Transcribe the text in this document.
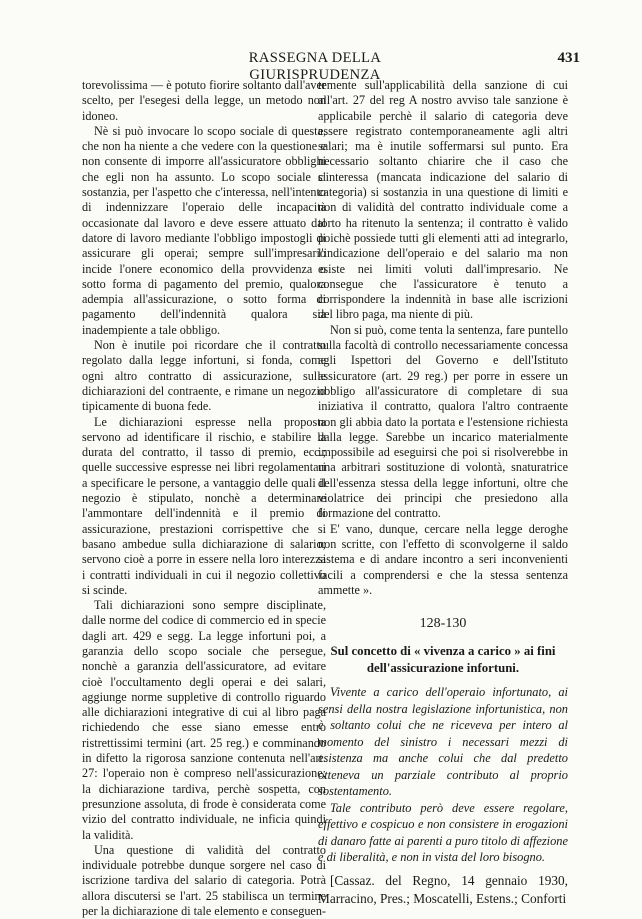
RASSEGNA DELLA GIURISPRUDENZA
431

torevolissima — è potuto fiorire soltanto dall'aver scelto, per l'esegesi della legge, un metodo non idoneo.

Nè si può invocare lo scopo sociale di questa, che non ha niente a che vedere con la questione e non consente di imporre all'assicuratore obblighi che egli non ha assunto. Lo scopo sociale si sostanzia, per l'aspetto che c'interessa, nell'intento di indennizzare l'operaio delle incapacità occasionate dal lavoro e deve essere attuato dal datore di lavoro mediante l'obbligo impostogli di assicurare gli operai; sempre sull'impresario incide l'onere economico della provvidenza o sotto forma di pagamento del premio, qualora adempia all'assicurazione, o sotto forma di pagamento dell'indennità qualora sia inadempiente a tale obbligo.

Non è inutile poi ricordare che il contratto regolato dalla legge infortuni, si fonda, come ogni altro contratto di assicurazione, sulle dichiarazioni del contraente, e rimane un negozio tipicamente di buona fede.

Le dichiarazioni espresse nella proposta servono ad identificare il rischio, e stabilire la durata del contratto, il tasso di premio, ecc.; quelle successive espresse nei libri regolamentari a specificare le persone, a vantaggio delle quali il negozio è stipulato, nonchè a determinare l'ammontare dell'indennità e il premio di assicurazione, prestazioni corrispettive che si basano ambedue sulla dichiarazione di salario; servono cioè a porre in essere nella loro interezza i contratti individuali in cui il negozio collettivo si scinde.

Tali dichiarazioni sono sempre disciplinate, dalle norme del codice di commercio ed in specie dagli art. 429 e segg. La legge infortuni poi, a garanzia dello scopo sociale che persegue, nonchè a garanzia dell'assicuratore, ad evitare cioè l'occultamento degli operai e dei salari, aggiunge norme suppletive di controllo riguardo alle dichiarazioni integrative di cui al libro paga richiedendo che esse siano emesse entro ristrettissimi termini (art. 25 reg.) e comminando in difetto la rigorosa sanzione contenuta nell'art. 27: l'operaio non è compreso nell'assicurazione; la dichiarazione tardiva, perchè sospetta, con presunzione assoluta, di frode è considerata come vizio del contratto individuale, ne inficia quindi la validità.

Una questione di validità del contratto individuale potrebbe dunque sorgere nel caso di iscrizione tardiva del salario di categoria. Potrà allora discutersi se l'art. 25 stabilisca un termine per la dichiarazione di tale elemento e conseguen-

temente sull'applicabilità della sanzione di cui all'art. 27 del reg A nostro avviso tale sanzione è applicabile perchè il salario di categoria deve essere registrato contemporaneamente agli altri salari; ma è inutile soffermarsi sul punto. Era necessario soltanto chiarire che il caso che c'interessa (mancata indicazione del salario di categoria) si sostanzia in una questione di limiti e non di validità del contratto individuale come a torto ha ritenuto la sentenza; il contratto è valido poichè possiede tutti gli elementi atti ad integrarlo, l'indicazione dell'operaio e del salario ma non esiste nei limiti voluti dall'impresario. Ne consegue che l'assicuratore è tenuto a corrispondere la indennità in base alle iscrizioni del libro paga, ma niente di più.

Non si può, come tenta la sentenza, fare puntello sulla facoltà di controllo necessariamente concessa agli Ispettori del Governo e dell'Istituto assicuratore (art. 29 reg.) per porre in essere un obbligo all'assicuratore di completare di sua iniziativa il contratto, qualora l'altro contraente non gli abbia dato la portata e l'estensione richiesta dalla legge. Sarebbe un incarico materialmente impossibile ad eseguirsi che poi si risolverebbe in una arbitrari sostituzione di volontà, snaturatrice dell'essenza stessa della legge infortuni, oltre che violatrice dei principi che presiedono alla formazione del contratto.

E' vano, dunque, cercare nella legge deroghe non scritte, con l'effetto di sconvolgerne il saldo sistema e di andare incontro a seri inconvenienti facili a comprendersi e che la stessa sentenza ammette ».

128-130
Sul concetto di « vivenza a carico » ai fini dell'assicurazione infortuni.

Vivente a carico dell'operaio infortunato, ai sensi della nostra legislazione infortunistica, non è soltanto colui che ne riceveva per intero al momento del sinistro i necessari mezzi di esistenza ma anche colui che dal predetto otteneva un parziale contributo al proprio sostentamento.

Tale contributo però deve essere regolare, effettivo e cospicuo e non consistere in erogazioni di danaro fatte ai parenti a puro titolo di affezione e di liberalità, e non in vista del loro bisogno.

[Cassaz. del Regno, 14 gennaio 1930, Marracino, Pres.; Moscatelli, Estens.; Conforti
